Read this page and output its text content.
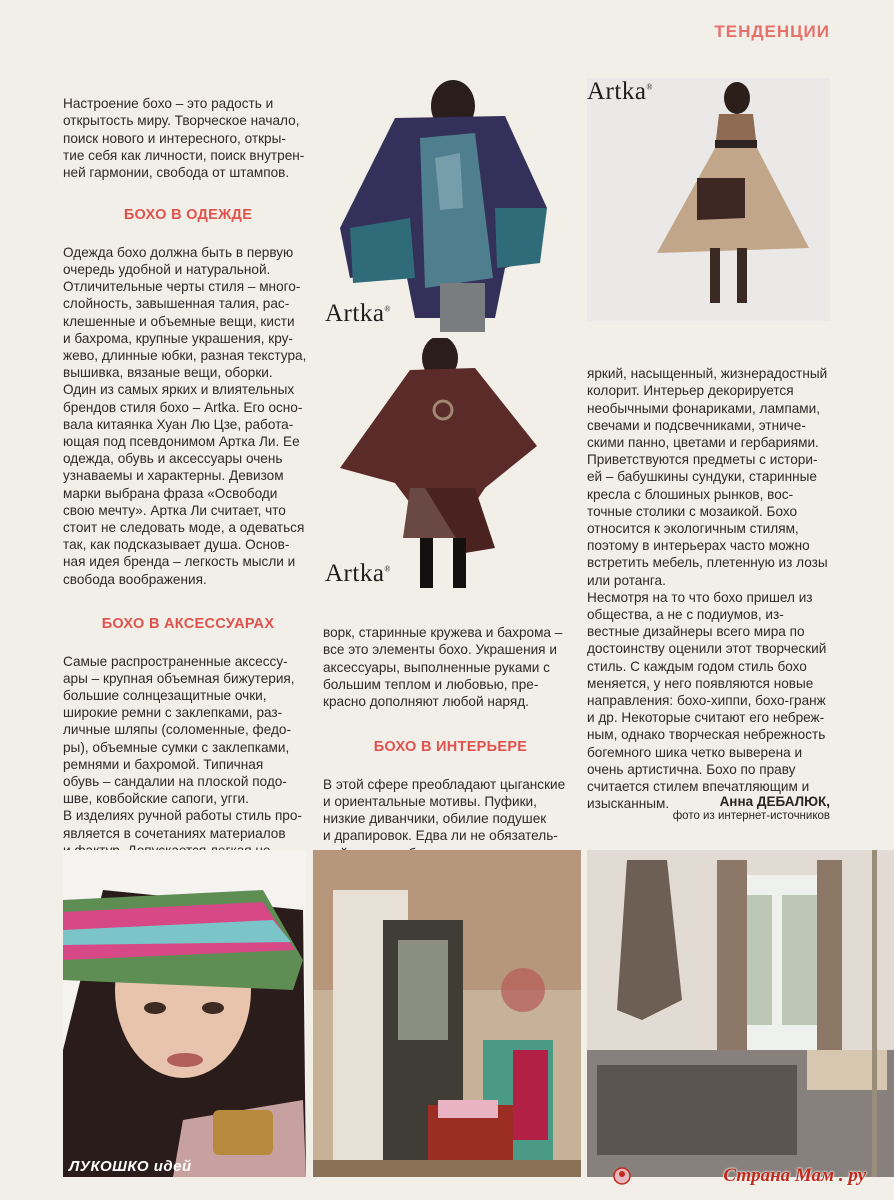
ТЕНДЕНЦИИ

Настроение бохо – это радость и
открытость миру. Творческое начало,
поиск нового и интересного, откры-
тие себя как личности, поиск внутрен-
ней гармонии, свобода от штампов.

БОХО В ОДЕЖДЕ

Одежда бохо должна быть в первую
очередь удобной и натуральной.
Отличительные черты стиля – много-
слойность, завышенная талия, рас-
клешенные и объемные вещи, кисти
и бахрома, крупные украшения, кру-
жево, длинные юбки, разная текстура,
вышивка, вязаные вещи, оборки.
Один из самых ярких и влиятельных
брендов стиля бохо – Artka. Его осно-
вала китаянка Хуан Лю Цзе, работа-
ющая под псевдонимом Артка Ли. Ее
одежда, обувь и аксессуары очень
узнаваемы и характерны. Девизом
марки выбрана фраза «Освободи
свою мечту». Артка Ли считает, что
стоит не следовать моде, а одеваться
так, как подсказывает душа. Основ-
ная идея бренда – легкость мысли и
свобода воображения.

БОХО В АКСЕССУАРАХ

Самые распространенные аксессу-
ары – крупная объемная бижутерия,
большие солнцезащитные очки,
широкие ремни с заклепками, раз-
личные шляпы (соломенные, федо-
ры), объемные сумки с заклепками,
ремнями и бахромой. Типичная
обувь – сандалии на плоской подо-
шве, ковбойские сапоги, угги.
В изделиях ручной работы стиль про-
является в сочетаниях материалов

Artka®
Artka®
Artka®

ворк, старинные кружева и бахрома –
все это элементы бохо. Украшения и
аксессуары, выполненные руками с
большим теплом и любовью, пре-
красно дополняют любой наряд.

БОХО В ИНТЕРЬЕРЕ

В этой сфере преобладают цыганские
и ориентальные мотивы. Пуфики,
низкие диванчики, обилие подушек
и драпировок. Едва ли не обязатель-

яркий, насыщенный, жизнерадостный
колорит. Интерьер декорируется
необычными фонариками, лампами,
свечами и подсвечниками, этниче-
скими панно, цветами и гербариями.
Приветствуются предметы с истори-
ей – бабушкины сундуки, старинные
кресла с блошиных рынков, вос-
точные столики с мозаикой. Бохо
относится к экологичным стилям,
поэтому в интерьерах часто можно
встретить мебель, плетенную из лозы
или ротанга.
Несмотря на то что бохо пришел из
общества, а не с подиумов, из-
вестные дизайнеры всего мира по
достоинству оценили этот творческий
стиль. С каждым годом стиль бохо
меняется, у него появляются новые
направления: бохо-хиппи, бохо-гранж
и др. Некоторые считают его небреж-
ным, однако творческая небрежность
богемного шика четко выверена и
очень артистична. Бохо по праву
считается стилем впечатляющим и
изысканным.	Анна ДЕБАЛЮК,
фото из интернет-источников
ЛУКОШКО идей	Страна Мам . ру
